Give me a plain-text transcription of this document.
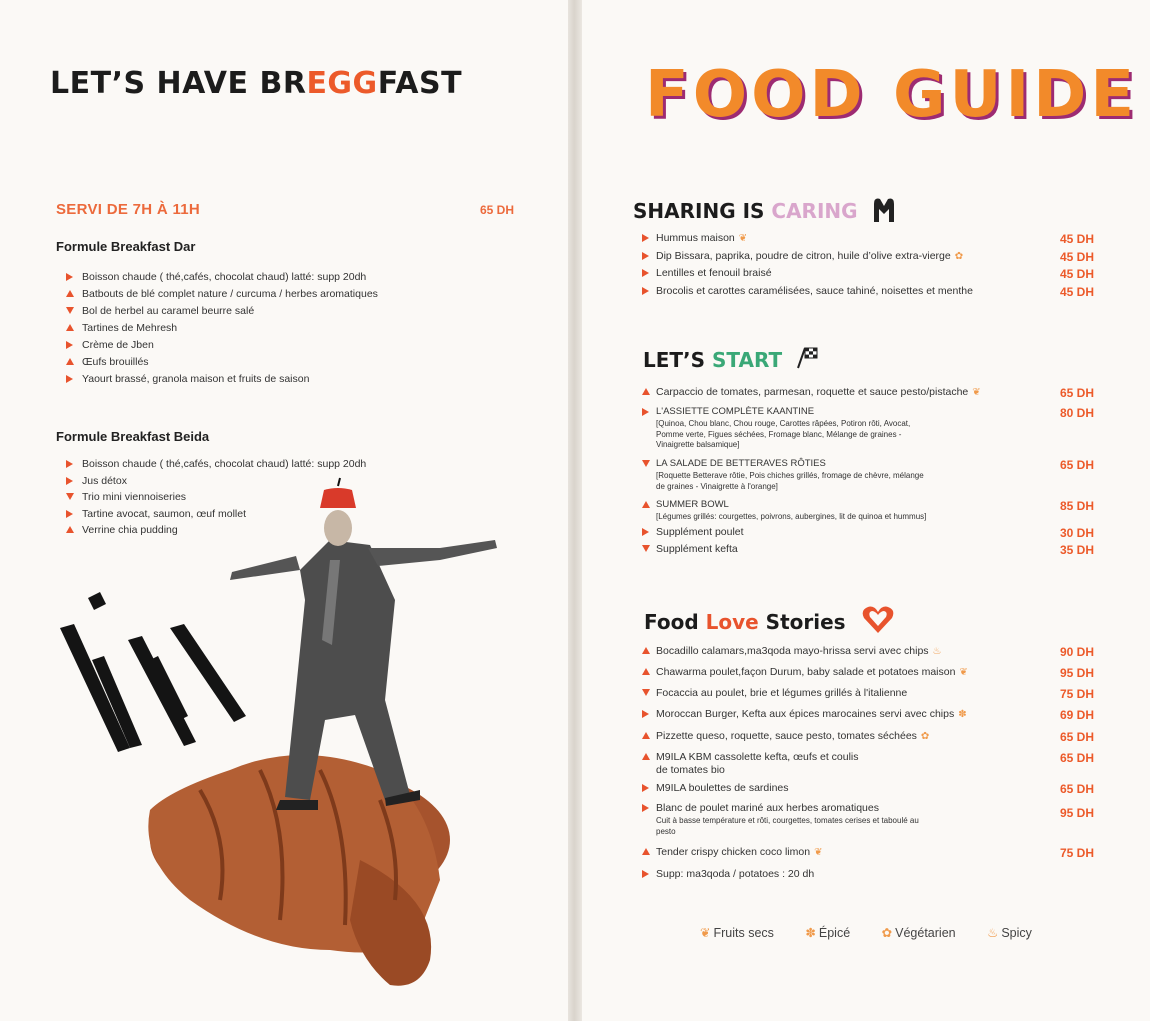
LET’S HAVE BREGGFAST
SERVI DE 7H À 11H	65 DH
Formule Breakfast Dar
Boisson chaude ( thé,cafés, chocolat chaud) latté: supp 20dh
Batbouts de blé complet nature / curcuma / herbes aromatiques
Bol de herbel au caramel beurre salé
Tartines de Mehresh
Crème de Jben
Œufs brouillés
Yaourt brassé, granola maison et fruits de saison
Formule Breakfast Beida
Boisson chaude ( thé,cafés, chocolat chaud) latté: supp 20dh
Jus détox
Trio mini viennoiseries
Tartine avocat, saumon, œuf mollet
Verrine chia pudding
FOOD GUIDE
SHARING IS CARING
Hummus maison ❦	45 DH
Dip Bissara, paprika, poudre de citron, huile d’olive extra-vierge ✿	45 DH
Lentilles et fenouil braisé	45 DH
Brocolis et carottes caramélisées, sauce tahiné, noisettes et menthe	45 DH
LET’S START
Carpaccio de tomates, parmesan, roquette et sauce pesto/pistache ❦	65 DH
L'ASSIETTE COMPLÈTE KAANTINE	80 DH
[Quinoa, Chou blanc, Chou rouge, Carottes râpées, Potiron rôti, Avocat, Pomme verte, Figues séchées, Fromage blanc, Mélange de graines - Vinaigrette balsamique]
LA SALADE DE BETTERAVES RÔTIES	65 DH
[Roquette Betterave rôtie, Pois chiches grillés, fromage de chèvre, mélange de graines - Vinaigrette à l'orange]
SUMMER BOWL	85 DH
[Légumes grillés: courgettes, poivrons, aubergines, lit de quinoa et hummus]
Supplément poulet	30 DH
Supplément kefta	35 DH
Food Love Stories
Bocadillo calamars,ma3qoda mayo-hrissa servi avec chips ♨	90 DH
Chawarma poulet,façon Durum, baby salade et potatoes maison ❦	95 DH
Focaccia au poulet, brie et légumes grillés à l'italienne	75 DH
Moroccan Burger, Kefta aux épices marocaines servi avec chips ✽	69 DH
Pizzette queso, roquette, sauce pesto, tomates séchées ✿	65 DH
M9ILA KBM cassolette kefta, œufs et coulis	65 DH
de tomates bio
M9ILA boulettes de sardines	65 DH
Blanc de poulet mariné aux herbes aromatiques	95 DH
Cuit à basse température et rôti, courgettes, tomates cerises et taboulé au pesto
Tender crispy chicken coco limon ❦	75 DH
Supp: ma3qoda / potatoes : 20 dh
❦ Fruits secs	✽ Épicé	✿ Végétarien	♨ Spicy
